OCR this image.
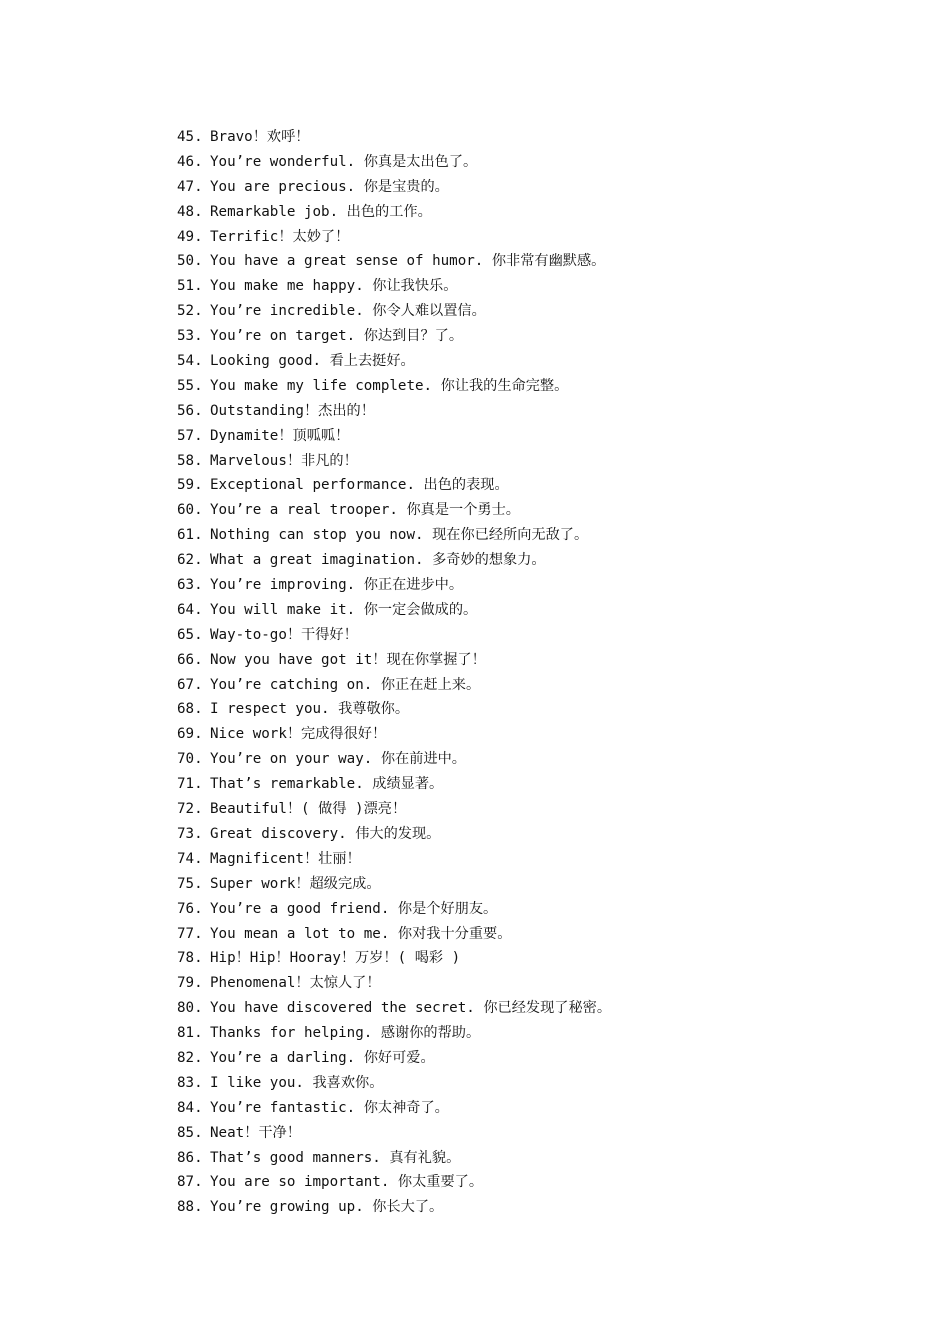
45. Bravo！欢呼！
46. You’re wonderful. 你真是太出色了。
47. You are precious. 你是宝贵的。
48. Remarkable job. 出色的工作。
49. Terrific！太妙了！
50. You have a great sense of humor. 你非常有幽默感。
51. You make me happy. 你让我快乐。
52. You’re incredible. 你令人难以置信。
53. You’re on target. 你达到目？了。
54. Looking good. 看上去挺好。
55. You make my life complete. 你让我的生命完整。
56. Outstanding！杰出的！
57. Dynamite！顶呱呱！
58. Marvelous！非凡的！
59. Exceptional performance. 出色的表现。
60. You’re a real trooper. 你真是一个勇士。
61. Nothing can stop you now. 现在你已经所向无敌了。
62. What a great imagination. 多奇妙的想象力。
63. You’re improving. 你正在进步中。
64. You will make it. 你一定会做成的。
65. Way-to-go！干得好！
66. Now you have got it！现在你掌握了！
67. You’re catching on. 你正在赶上来。
68. I respect you. 我尊敬你。
69. Nice work！完成得很好！
70. You’re on your way. 你在前进中。
71. That’s remarkable. 成绩显著。
72. Beautiful！( 做得 )漂亮！
73. Great discovery. 伟大的发现。
74. Magnificent！壮丽！
75. Super work！超级完成。
76. You’re a good friend. 你是个好朋友。
77. You mean a lot to me. 你对我十分重要。
78. Hip！Hip！Hooray！万岁！( 喝彩 )
79. Phenomenal！太惊人了！
80. You have discovered the secret. 你已经发现了秘密。
81. Thanks for helping. 感谢你的帮助。
82. You’re a darling. 你好可爱。
83. I like you. 我喜欢你。
84. You’re fantastic. 你太神奇了。
85. Neat！干净！
86. That’s good manners. 真有礼貌。
87. You are so important. 你太重要了。
88. You’re growing up. 你长大了。
